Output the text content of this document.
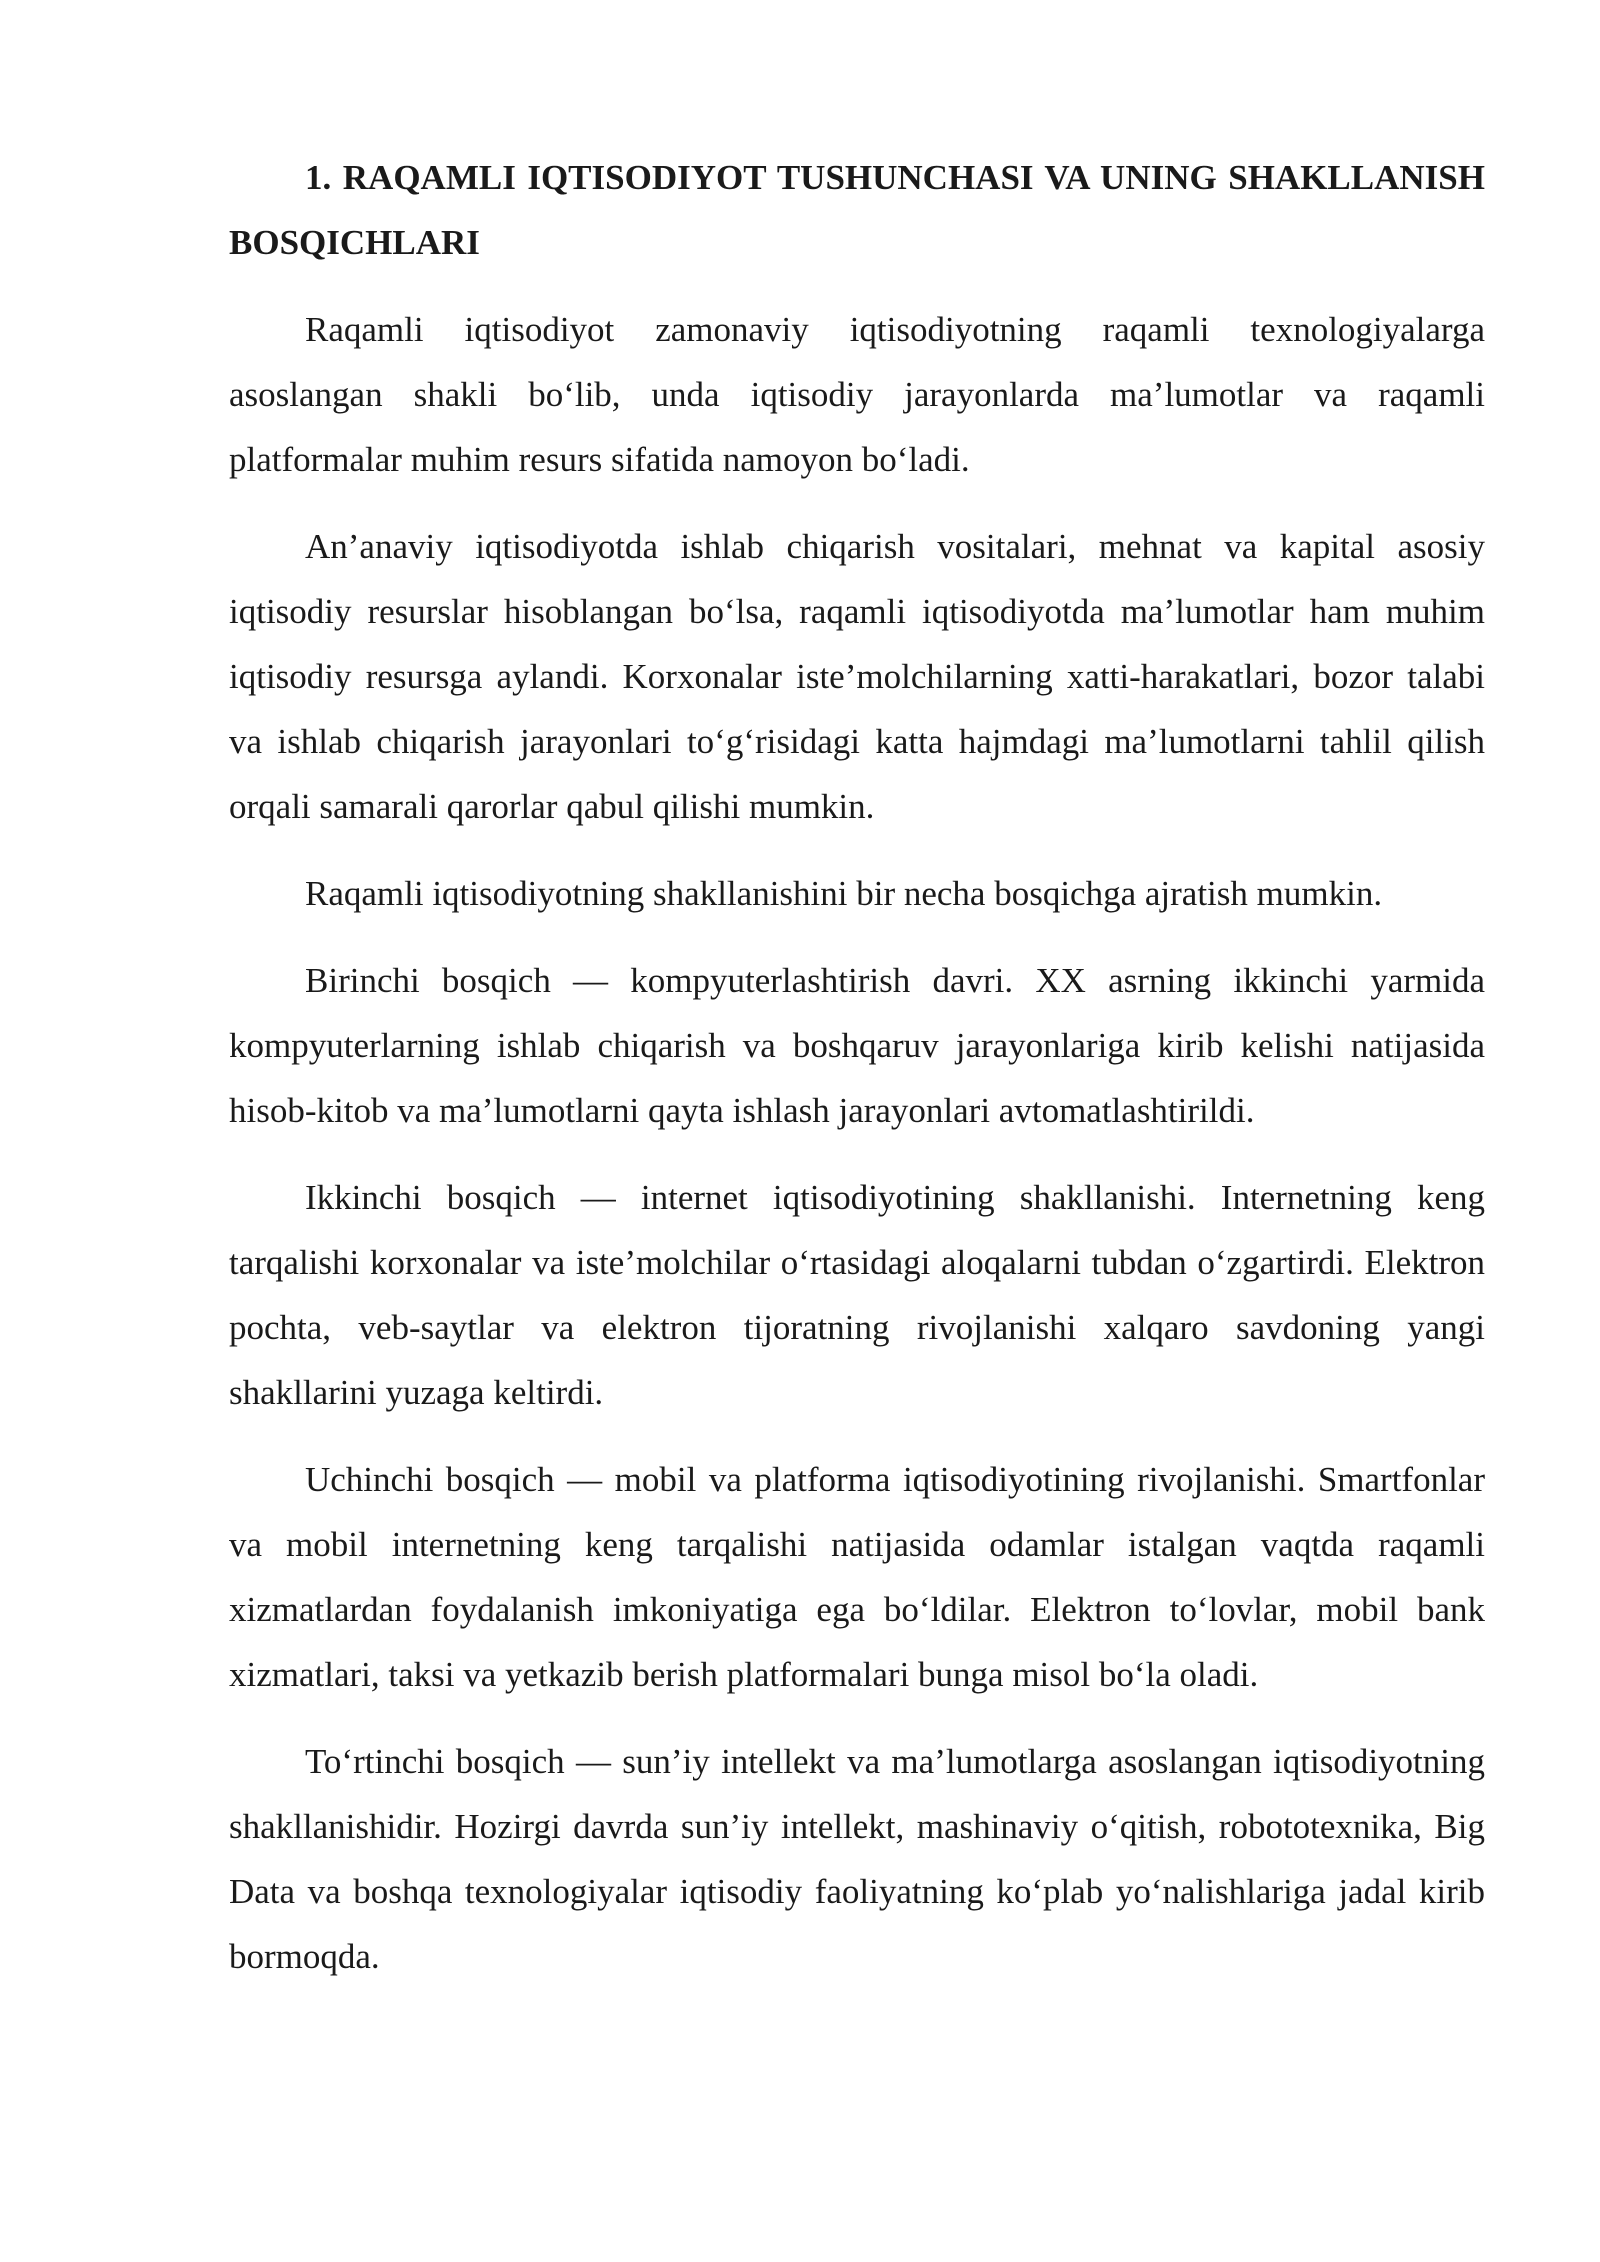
1. RAQAMLI IQTISODIYOT TUSHUNCHASI VA UNING SHAKLLANISH BOSQICHLARI

Raqamli iqtisodiyot zamonaviy iqtisodiyotning raqamli texnologiyalarga asoslangan shakli bo‘lib, unda iqtisodiy jarayonlarda ma’lumotlar va raqamli platformalar muhim resurs sifatida namoyon bo‘ladi.

An’anaviy iqtisodiyotda ishlab chiqarish vositalari, mehnat va kapital asosiy iqtisodiy resurslar hisoblangan bo‘lsa, raqamli iqtisodiyotda ma’lumotlar ham muhim iqtisodiy resursga aylandi. Korxonalar iste’molchilarning xatti-harakatlari, bozor talabi va ishlab chiqarish jarayonlari to‘g‘risidagi katta hajmdagi ma’lumotlarni tahlil qilish orqali samarali qarorlar qabul qilishi mumkin.

Raqamli iqtisodiyotning shakllanishini bir necha bosqichga ajratish mumkin.

Birinchi bosqich — kompyuterlashtirish davri. XX asrning ikkinchi yarmida kompyuterlarning ishlab chiqarish va boshqaruv jarayonlariga kirib kelishi natijasida hisob-kitob va ma’lumotlarni qayta ishlash jarayonlari avtomatlashtirildi.

Ikkinchi bosqich — internet iqtisodiyotining shakllanishi. Internetning keng tarqalishi korxonalar va iste’molchilar o‘rtasidagi aloqalarni tubdan o‘zgartirdi. Elektron pochta, veb-saytlar va elektron tijoratning rivojlanishi xalqaro savdoning yangi shakllarini yuzaga keltirdi.

Uchinchi bosqich — mobil va platforma iqtisodiyotining rivojlanishi. Smartfonlar va mobil internetning keng tarqalishi natijasida odamlar istalgan vaqtda raqamli xizmatlardan foydalanish imkoniyatiga ega bo‘ldilar. Elektron to‘lovlar, mobil bank xizmatlari, taksi va yetkazib berish platformalari bunga misol bo‘la oladi.

To‘rtinchi bosqich — sun’iy intellekt va ma’lumotlarga asoslangan iqtisodiyotning shakllanishidir. Hozirgi davrda sun’iy intellekt, mashinaviy o‘qitish, robototexnika, Big Data va boshqa texnologiyalar iqtisodiy faoliyatning ko‘plab yo‘nalishlariga jadal kirib bormoqda.
